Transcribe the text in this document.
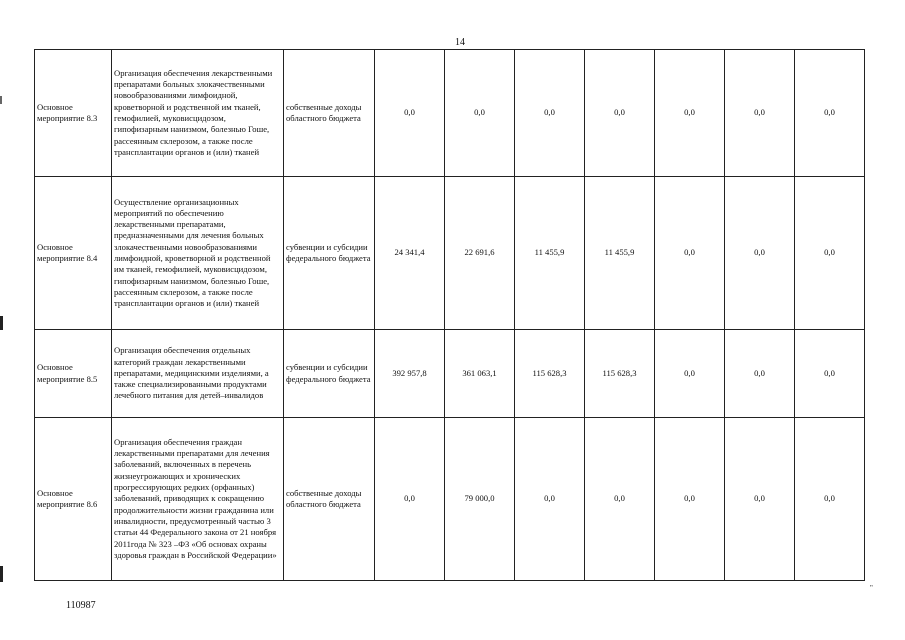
14
Основное мероприятие 8.3	Организация обеспечения лекарственными препаратами больных злокачественными новообразованиями лимфоидной, кроветворной и родственной им тканей, гемофилией, муковисцидозом, гипофизарным нанизмом, болезнью Гоше, рассеянным склерозом, а также после трансплантации органов и (или) тканей	собственные доходы областного бюджета	0,0	0,0	0,0	0,0	0,0	0,0	0,0
Основное мероприятие 8.4	Осуществление организационных мероприятий по обеспечению лекарственными препаратами, предназначенными для лечения больных злокачественными новообразованиями лимфоидной, кроветворной и родственной им тканей, гемофилией, муковисцидозом, гипофизарным нанизмом, болезнью Гоше, рассеянным склерозом, а также после трансплантации органов и (или) тканей	субвенции и субсидии федерального бюджета	24 341,4	22 691,6	11 455,9	11 455,9	0,0	0,0	0,0
Основное мероприятие 8.5	Организация обеспечения отдельных категорий граждан лекарственными препаратами, медицинскими изделиями, а также специализированными продуктами лечебного питания для детей–инвалидов	субвенции и субсидии федерального бюджета	392 957,8	361 063,1	115 628,3	115 628,3	0,0	0,0	0,0
Основное мероприятие 8.6	Организация обеспечения граждан лекарственными препаратами для лечения заболеваний, включенных в перечень жизнеугрожающих и хронических прогрессирующих редких (орфанных) заболеваний, приводящих к сокращению продолжительности жизни гражданина или инвалидности, предусмотренный частью 3 статьи 44 Федерального закона от 21 ноября 2011года № 323 –ФЗ «Об основах охраны здоровья граждан в Российской Федерации»	собственные доходы областного бюджета	0,0	79 000,0	0,0	0,0	0,0	0,0	0,0
110987
"
